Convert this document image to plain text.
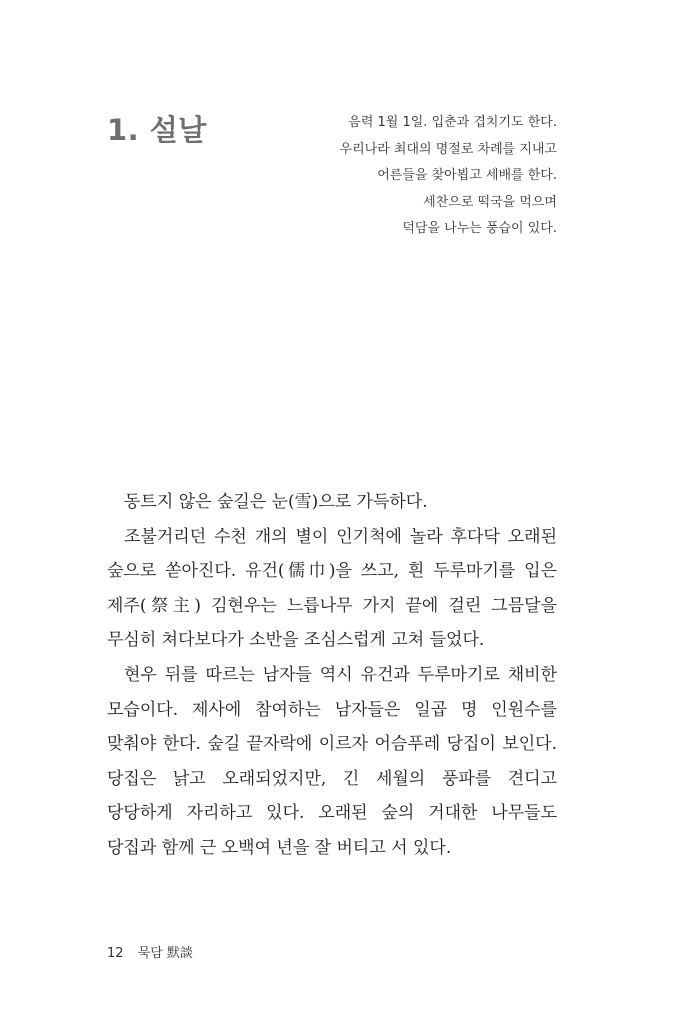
1. 설날	음력 1월 1일. 입춘과 겹치기도 한다.
우리나라 최대의 명절로 차례를 지내고
어른들을 찾아뵙고 세배를 한다.
세찬으로 떡국을 먹으며
덕담을 나누는 풍습이 있다.

동트지 않은 숲길은 눈(雪)으로 가득하다.

조불거리던 수천 개의 별이 인기척에 놀라 후다닥 오래된 숲으로 쏟아진다. 유건(儒巾)을 쓰고, 흰 두루마기를 입은 제주(祭主) 김현우는 느릅나무 가지 끝에 걸린 그믐달을 무심히 쳐다보다가 소반을 조심스럽게 고쳐 들었다.

현우 뒤를 따르는 남자들 역시 유건과 두루마기로 채비한 모습이다. 제사에 참여하는 남자들은 일곱 명 인원수를 맞춰야 한다. 숲길 끝자락에 이르자 어슴푸레 당집이 보인다. 당집은 낡고 오래되었지만, 긴 세월의 풍파를 견디고 당당하게 자리하고 있다. 오래된 숲의 거대한 나무들도 당집과 함께 근 오백여 년을 잘 버티고 서 있다.

12 묵담 默談
